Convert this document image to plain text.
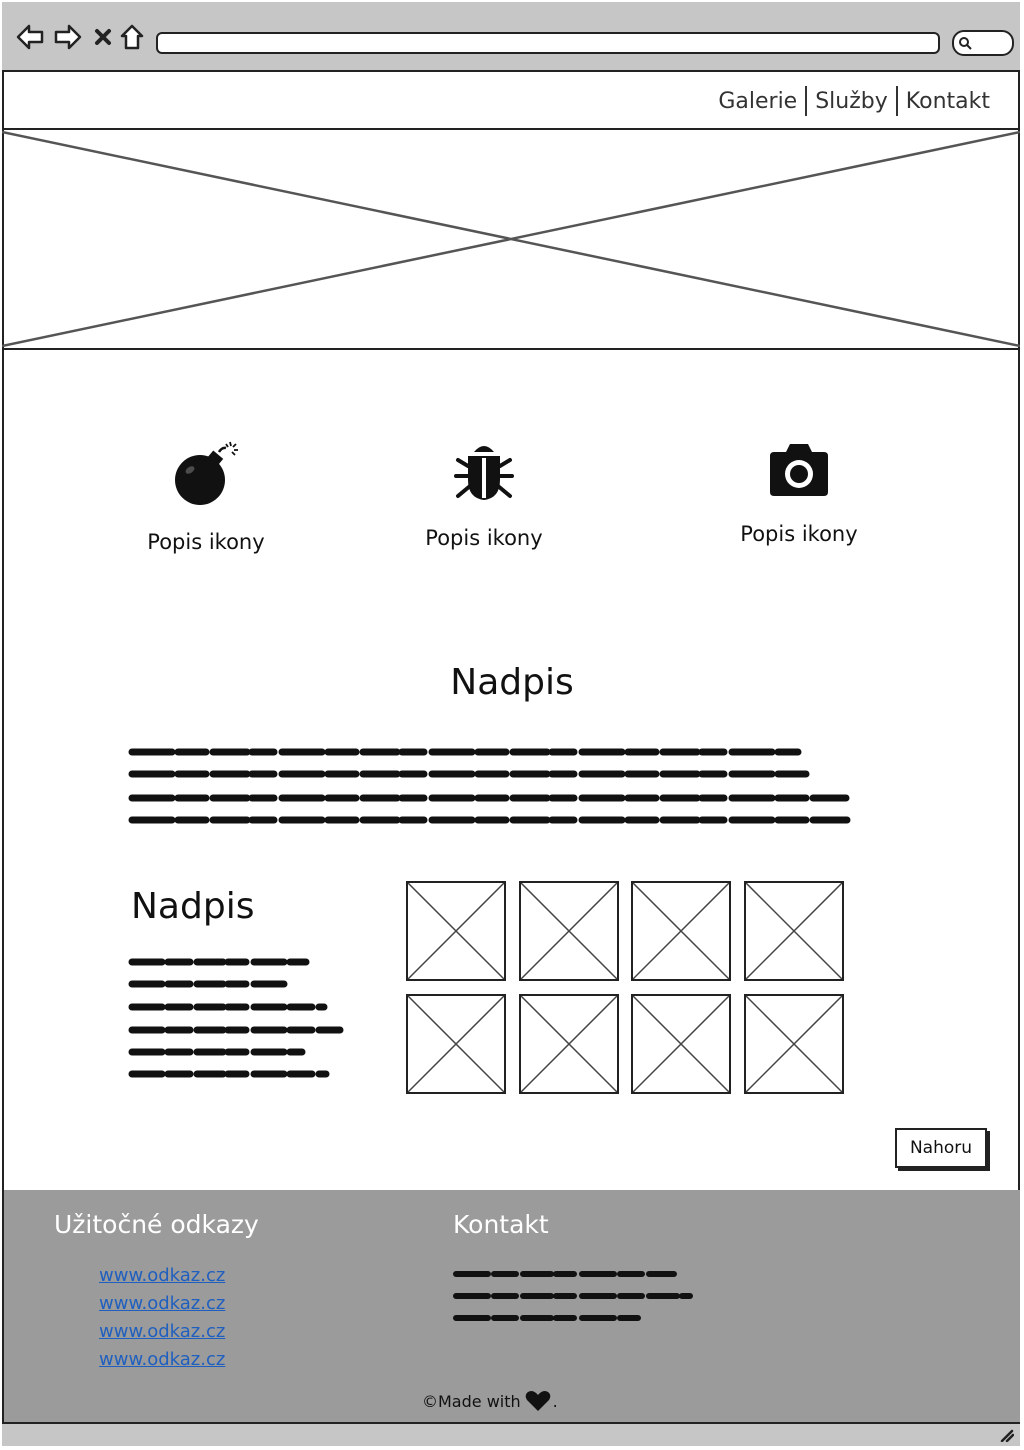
Galerie Služby Kontakt
Popis ikony	Popis ikony	Popis ikony
Nadpis
Nadpis
Nahoru
Užitočné odkazy
www.odkaz.cz
www.odkaz.cz
www.odkaz.cz
www.odkaz.cz
Kontakt
©Made with .
